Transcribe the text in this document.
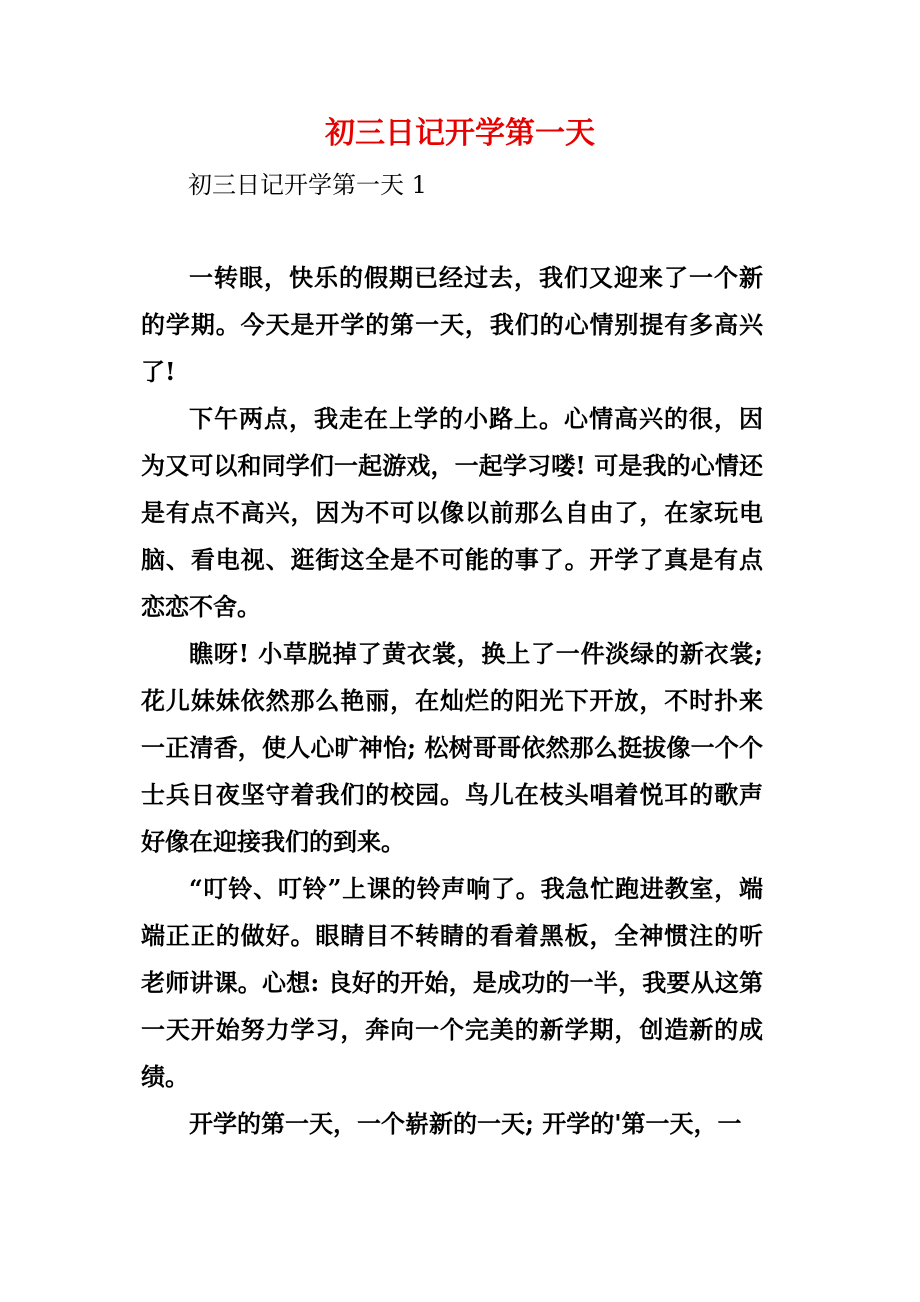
初三日记开学第一天

初三日记开学第一天 1

一转眼，快乐的假期已经过去，我们又迎来了一个新的学期。今天是开学的第一天，我们的心情别提有多高兴了!

下午两点，我走在上学的小路上。心情高兴的很，因为又可以和同学们一起游戏，一起学习喽! 可是我的心情还是有点不高兴，因为不可以像以前那么自由了，在家玩电脑、看电视、逛街这全是不可能的事了。开学了真是有点恋恋不舍。

瞧呀! 小草脱掉了黄衣裳，换上了一件淡绿的新衣裳;花儿妹妹依然那么艳丽，在灿烂的阳光下开放，不时扑来一正清香，使人心旷神怡; 松树哥哥依然那么挺拔像一个个士兵日夜坚守着我们的校园。鸟儿在枝头唱着悦耳的歌声好像在迎接我们的到来。

“叮铃、叮铃”上课的铃声响了。我急忙跑进教室，端端正正的做好。眼睛目不转睛的看着黑板，全神惯注的听老师讲课。心想: 良好的开始，是成功的一半，我要从这第一天开始努力学习，奔向一个完美的新学期，创造新的成绩。

开学的第一天，一个崭新的一天; 开学的'第一天，一
